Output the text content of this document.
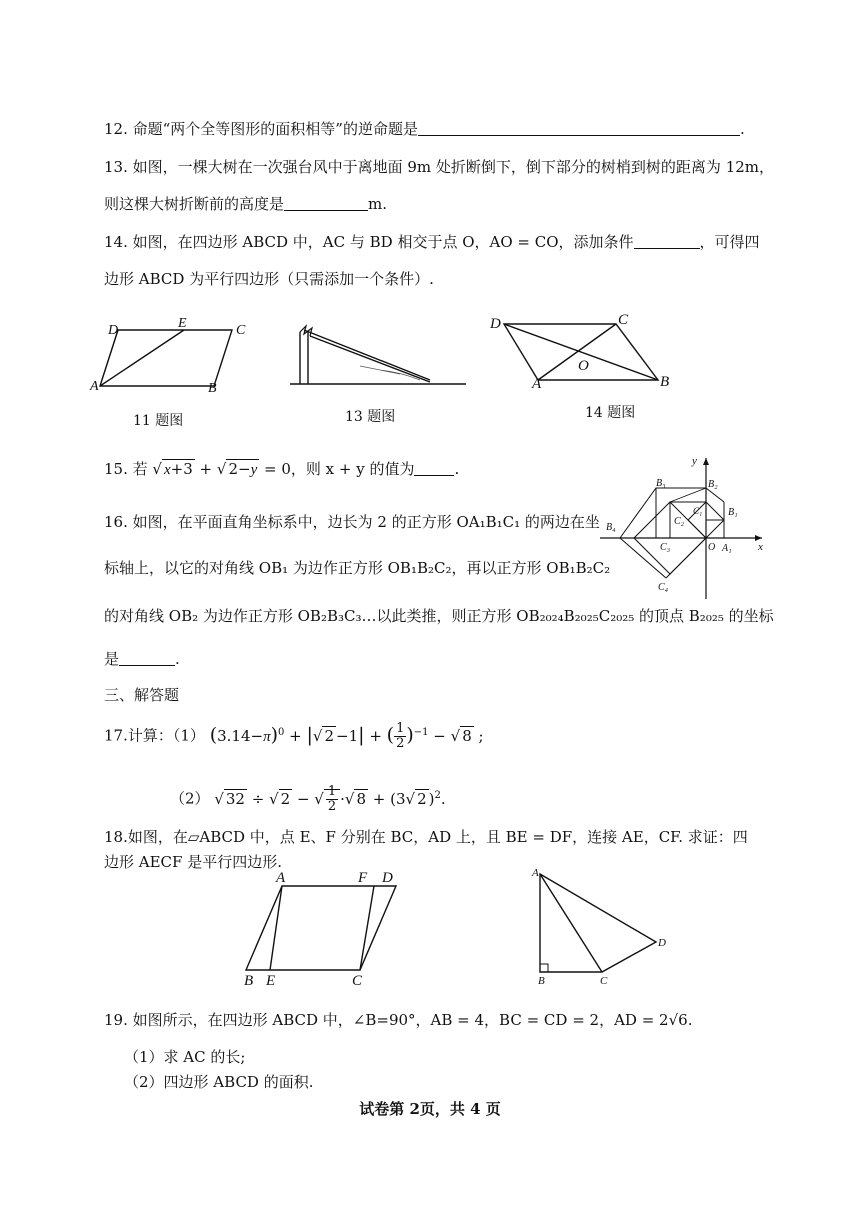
12. 命题“两个全等图形的面积相等”的逆命题是	.
13. 如图，一棵大树在一次强台风中于离地面 9m 处折断倒下，倒下部分的树梢到树的距离为 12m，
则这棵大树折断前的高度是	m.
14. 如图，在四边形 ABCD 中，AC 与 BD 相交于点 O，AO = CO，添加条件	，可得四
边形 ABCD 为平行四边形（只需添加一个条件）.
D	E	C
A	B
11 题图	13 题图
D	C
O
A	B
14 题图
15. 若 √ x+3 + √ 2−y = 0，则 x + y 的值为	.
16. 如图，在平面直角坐标系中，边长为 2 的正方形 OA₁B₁C₁ 的两边在坐
标轴上，以它的对角线 OB₁ 为边作正方形 OB₁B₂C₂，再以正方形 OB₁B₂C₂
的对角线 OB₂ 为边作正方形 OB₂B₃C₃…以此类推，则正方形 OB₂₀₂₄B₂₀₂₅C₂₀₂₅ 的顶点 B₂₀₂₅ 的坐标
是	.
y
B₃	B₂
C₁	B₁
C₂
B₄
C₃	O A₁ x
C₄
三、解答题
17.计算：（1） $(3.14-\pi)^0$ + |√ 2 −1| + ( $\frac{1}{2} )^{-1}$ − √ 8 ;
（2） √ 32 ÷ √ 2 − √ $\frac{1}{2}$ ·√ 8 + (3√ 2 )$^2$.
18.如图，在▱ABCD 中，点 E、F 分别在 BC，AD 上，且 BE = DF，连接 AE，CF. 求证：四
边形 AECF 是平行四边形.
A	F D
B E	C
A
D
B	C
19. 如图所示，在四边形 ABCD 中，∠B=90°，AB = 4，BC = CD = 2，AD = 2√6.
（1）求 AC 的长;
（2）四边形 ABCD 的面积.
试卷第 2页，共 4 页
